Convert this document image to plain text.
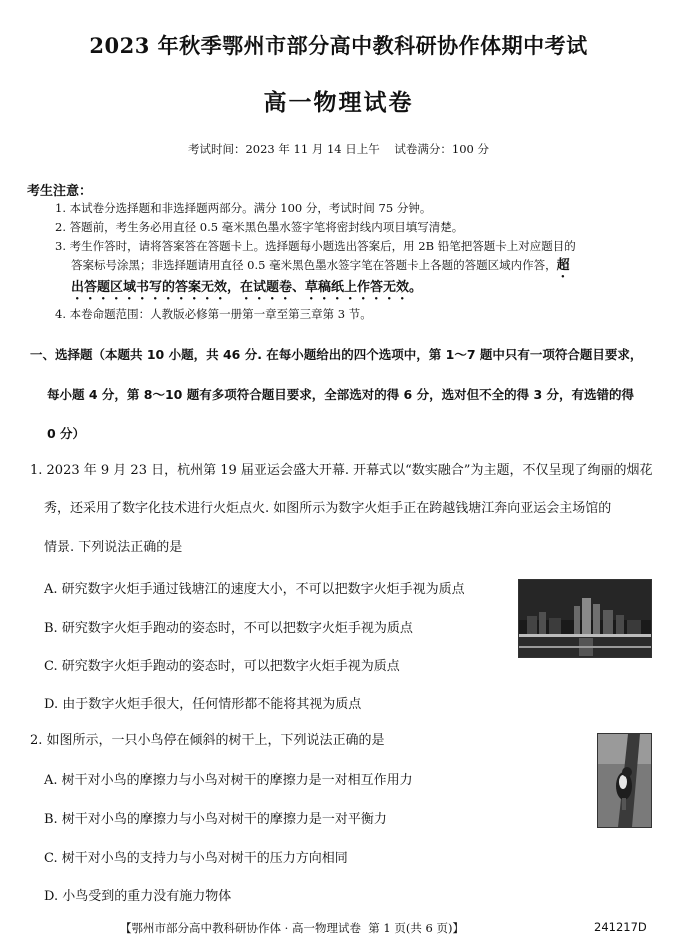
2023 年秋季鄂州市部分高中教科研协作体期中考试
高一物理试卷
考试时间：2023 年 11 月 14 日上午    试卷满分：100 分
考生注意：
1. 本试卷分选择题和非选择题两部分。满分 100 分，考试时间 75 分钟。
2. 答题前，考生务必用直径 0.5 毫米黑色墨水签字笔将密封线内项目填写清楚。
3. 考生作答时，请将答案答在答题卡上。选择题每小题选出答案后，用 2B 铅笔把答题卡上对应题目的
答案标号涂黑；非选择题请用直径 0.5 毫米黑色墨水签字笔在答题卡上各题的答题区域内作答，超
出答题区域书写的答案无效，在试题卷、草稿纸上作答无效。
4. 本卷命题范围：人教版必修第一册第一章至第三章第 3 节。
一、选择题（本题共 10 小题，共 46 分. 在每小题给出的四个选项中，第 1～7 题中只有一项符合题目要求，
每小题 4 分，第 8～10 题有多项符合题目要求，全部选对的得 6 分，选对但不全的得 3 分，有选错的得
0 分）
1. 2023 年 9 月 23 日，杭州第 19 届亚运会盛大开幕. 开幕式以“数实融合”为主题，不仅呈现了绚丽的烟花
秀，还采用了数字化技术进行火炬点火. 如图所示为数字火炬手正在跨越钱塘江奔向亚运会主场馆的
情景. 下列说法正确的是
A. 研究数字火炬手通过钱塘江的速度大小，不可以把数字火炬手视为质点
B. 研究数字火炬手跑动的姿态时，不可以把数字火炬手视为质点
C. 研究数字火炬手跑动的姿态时，可以把数字火炬手视为质点
D. 由于数字火炬手很大，任何情形都不能将其视为质点
2. 如图所示，一只小鸟停在倾斜的树干上，下列说法正确的是
A. 树干对小鸟的摩擦力与小鸟对树干的摩擦力是一对相互作用力
B. 树干对小鸟的摩擦力与小鸟对树干的摩擦力是一对平衡力
C. 树干对小鸟的支持力与小鸟对树干的压力方向相同
D. 小鸟受到的重力没有施力物体
【鄂州市部分高中教科研协作体 · 高一物理试卷  第 1 页(共 6 页)】	241217D
